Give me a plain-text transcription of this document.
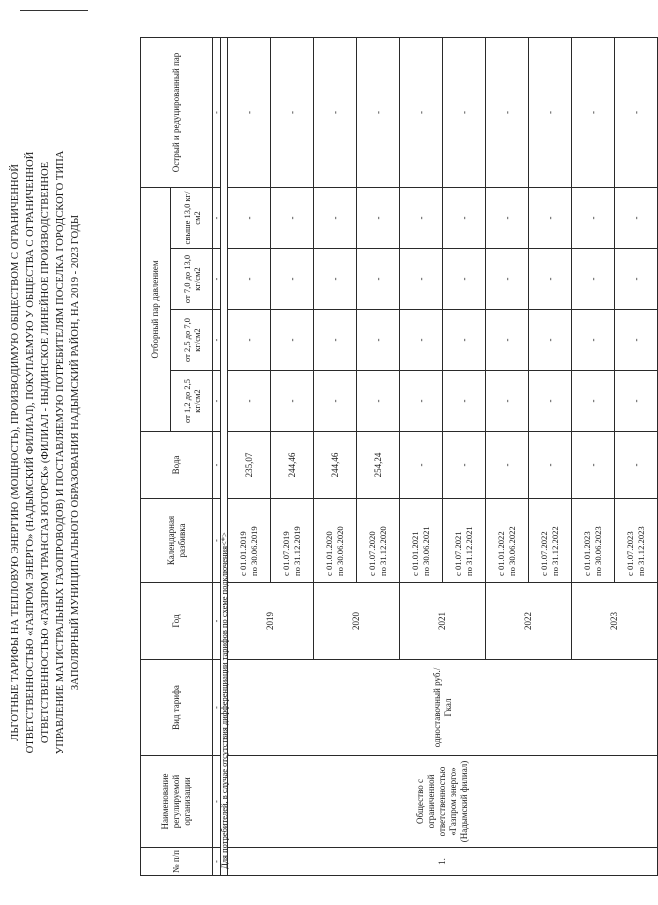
ЛЬГОТНЫЕ ТАРИФЫ НА ТЕПЛОВУЮ ЭНЕРГИЮ (МОЩНОСТЬ), ПРОИЗВОДИМУЮ ОБЩЕСТВОМ С ОГРАНИЧЕННОЙ ОТВЕТСТВЕННОСТЬЮ «ГАЗПРОМ ЭНЕРГО» (НАДЫМСКИЙ ФИЛИАЛ), ПОКУПАЕМУЮ У ОБЩЕСТВА С ОГРАНИЧЕННОЙ ОТВЕТСТВЕННОСТЬЮ «ГАЗПРОМ ТРАНСГАЗ ЮГОРСК» (ФИЛИАЛ - НЫДИНСКОЕ ЛИНЕЙНОЕ ПРОИЗВОДСТВЕННОЕ УПРАВЛЕНИЕ МАГИСТРАЛЬНЫХ ГАЗОПРОВОДОВ) И ПОСТАВЛЯЕМУЮ ПОТРЕБИТЕЛЯМ ПОСЕЛКА ГОРОДСКОГО ТИПА ЗАПОЛЯРНЫЙ МУНИЦИПАЛЬНОГО ОБРАЗОВАНИЯ НАДЫМСКИЙ РАЙОН, НА 2019 - 2023 ГОДЫ
№ п/п	Наименование регулируемой организации	Вид тарифа	Год	Календарная разбивка	Вода	Отборный пар давлением				Острый и редуцированный пар
						от 1,2 до 2,5 кг/см2	от 2,5 до 7,0 кг/см2	от 7,0 до 13,0 кг/см2	свыше 13,0 кг/см2	
-	-	-	-	-	-	-	-	-	-	-
Для потребителей, в случае отсутствия дифференциации тарифов по схеме подключения<*>										
1.	Общество с ограниченной ответственностью «Газпром энерго» (Надымский филиал)	одноставочный руб./Гкал	2019	с 01.01.2019 по 30.06.2019	235,07	-	-	-	-	-

				с 01.07.2019 по 31.12.2019	244,46	-	-	-	-	-
			2020	с 01.01.2020 по 30.06.2020	244,46	-	-	-	-	-

				с 01.07.2020 по 31.12.2020	254,24	-	-	-	-	-
			2021	с 01.01.2021 по 30.06.2021	-	-	-	-	-	-

				с 01.07.2021 по 31.12.2021	-	-	-	-	-	-
			2022	с 01.01.2022 по 30.06.2022	-	-	-	-	-	-

				с 01.07.2022 по 31.12.2022	-	-	-	-	-	-
			2023	с 01.01.2023 по 30.06.2023	-	-	-	-	-	-

				с 01.07.2023 по 31.12.2023	-	-	-	-	-	-
